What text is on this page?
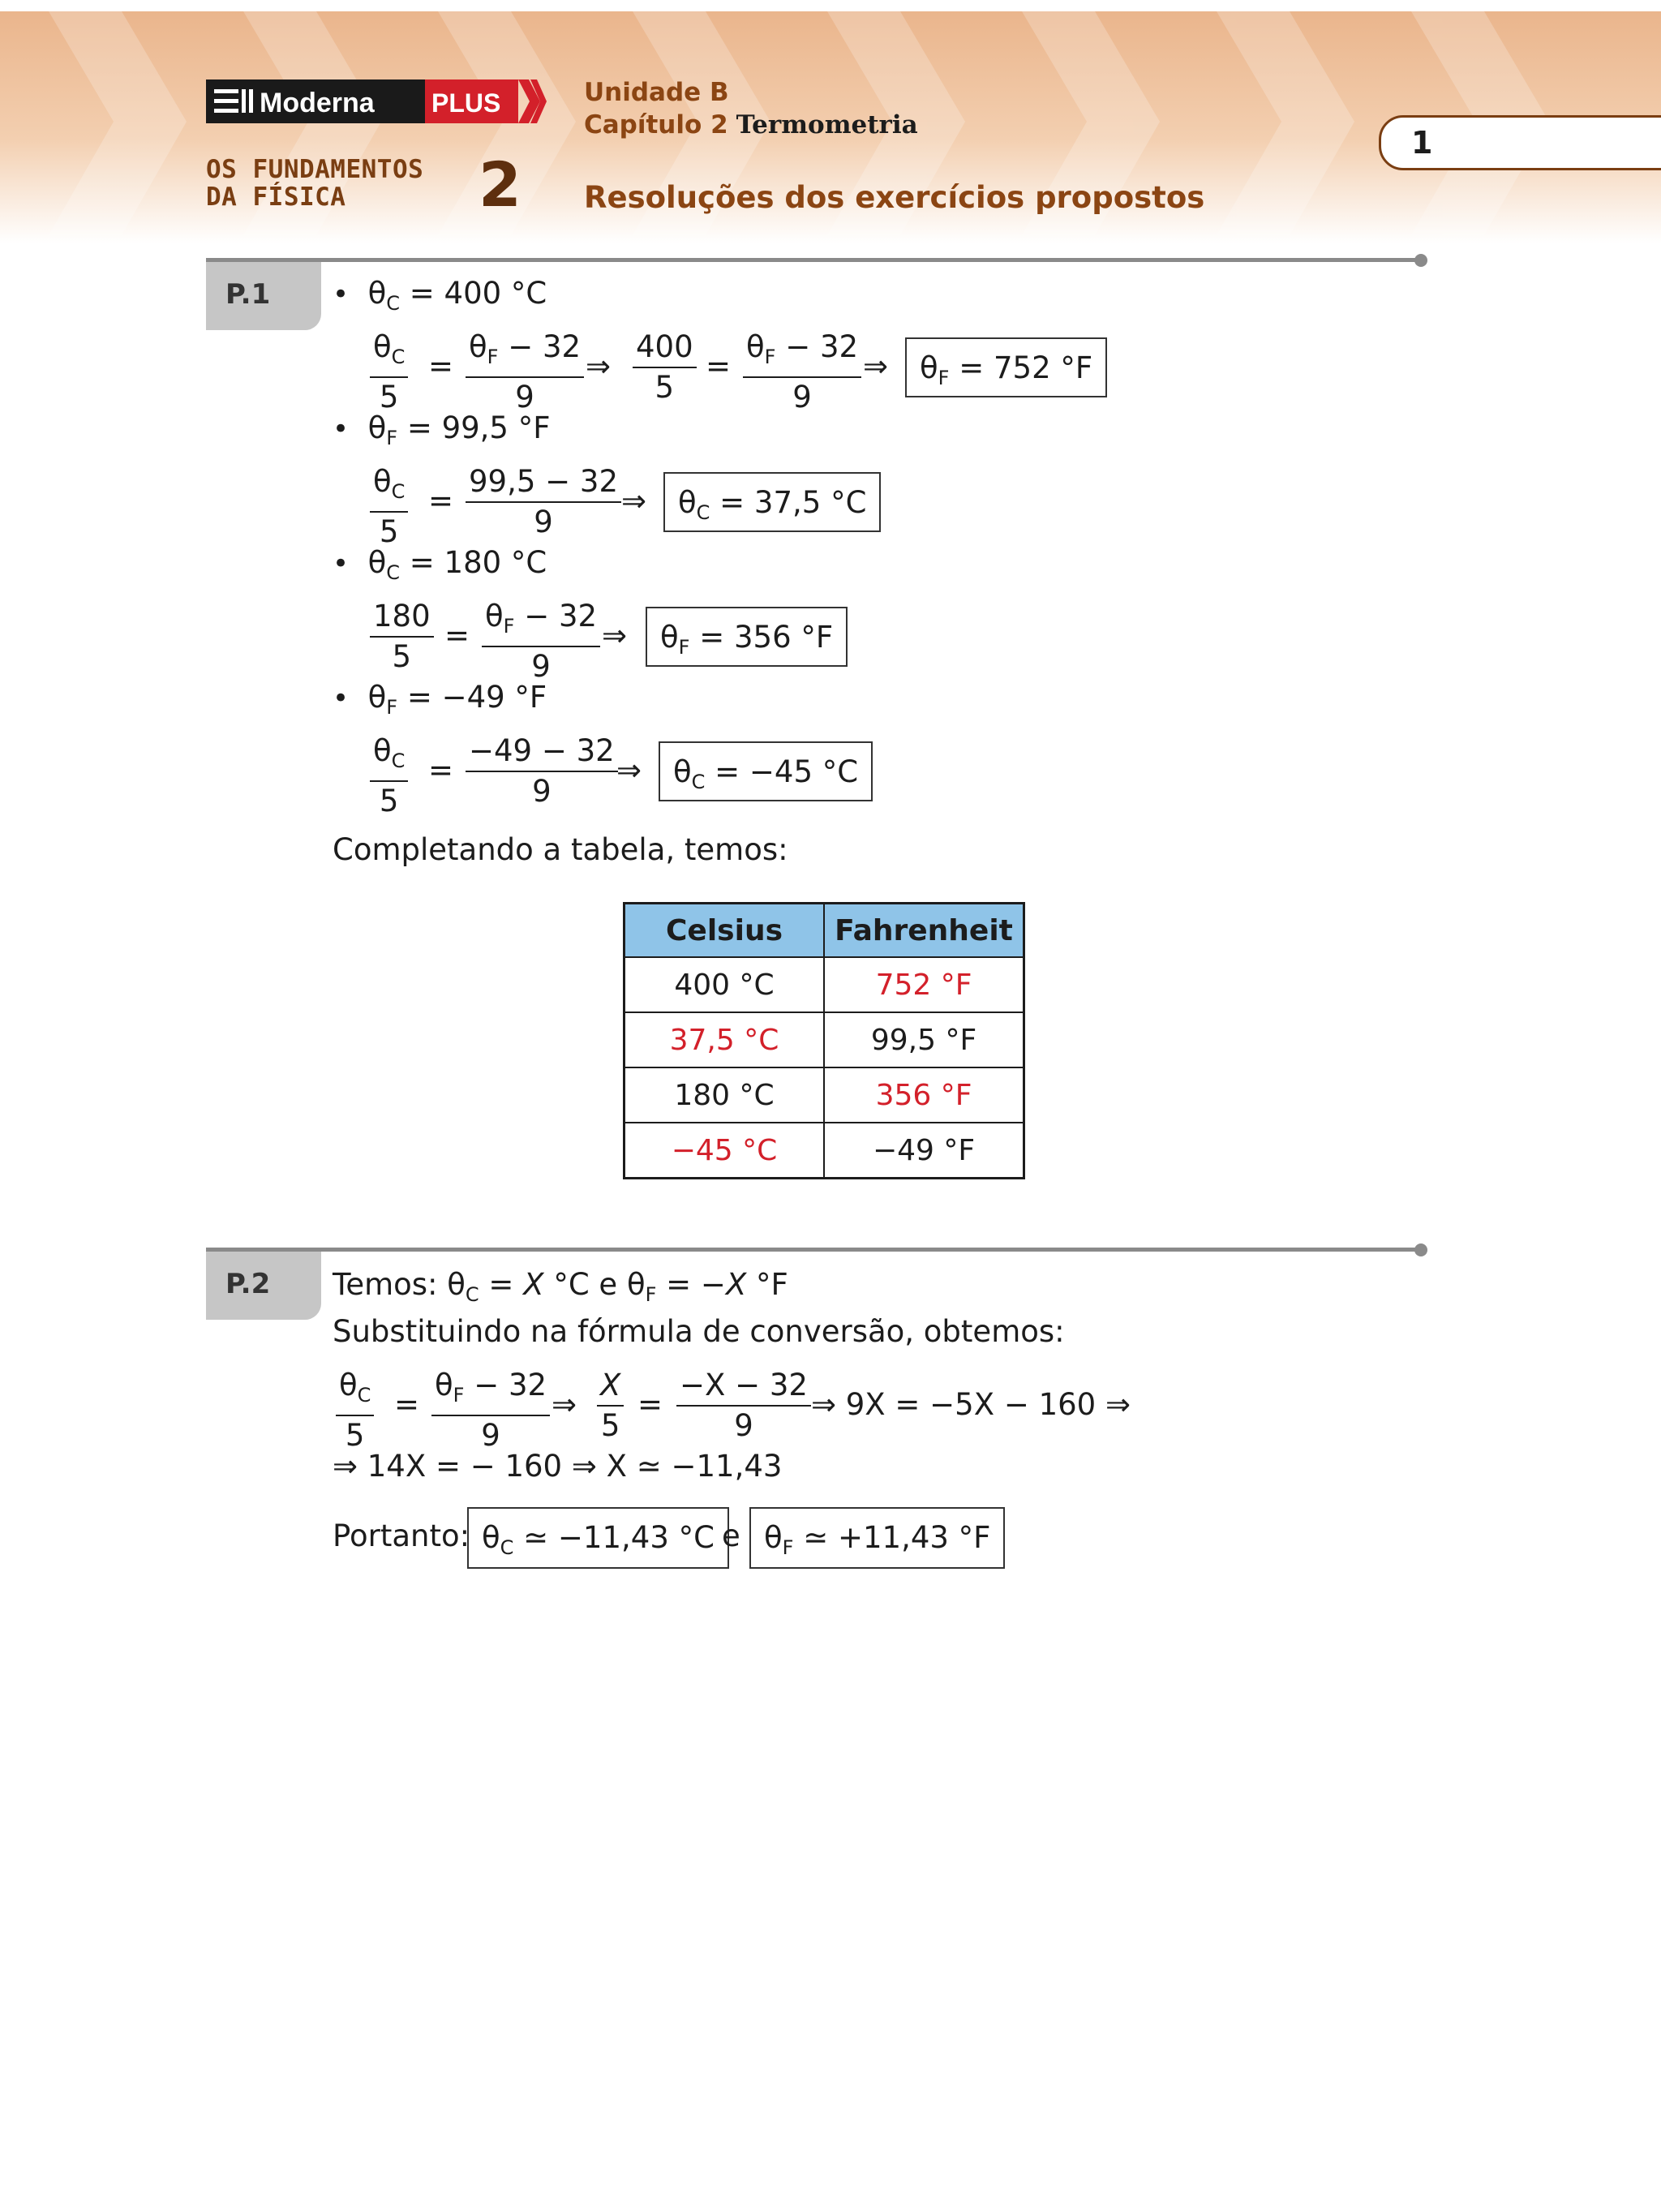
Moderna PLUS
OS FUNDAMENTOS
DA FÍSICA	2
Unidade B
Capítulo 2 Termometria
Resoluções dos exercícios propostos
1
P.1 • $\theta_C = 400$ °C
$\frac{\theta_C}{5} = \frac{\theta_F - 32}{9}$ ⇒ $\frac{400}{5} = \frac{\theta_F - 32}{9}$ ⇒	$\theta_F = 752$ °F
• $\theta_F = 99,5$ °F
$\frac{\theta_C}{5} = \frac{99,5 - 32}{9}$ ⇒	$\theta_C = 37,5$ °C
• $\theta_C = 180$ °C
$\frac{180}{5} = \frac{\theta_F - 32}{9}$ ⇒	$\theta_F = 356$ °F
• $\theta_F = -49$ °F
$\frac{\theta_C}{5} = \frac{-49 - 32}{9}$
⇒	$\theta_C = -45$ °C
Completando a tabela, temos:
Celsius	Fahrenheit
400 °C	752 °F
37,5 °C	99,5 °F
180 °C	356 °F
−45 °C	−49 °F
P.2 Temos: $\theta_C = X$ °C e $\theta_F = -X$ °F
Substituindo na fórmula de conversão, obtemos:
$\frac{\theta_C}{5} = \frac{\theta_F - 32}{9}$ ⇒ $\frac{X}{5} = \frac{-X - 32}{9}$ ⇒ 9X = −5X − 160 ⇒
⇒ 14X = − 160 ⇒ X ≃ −11,43
Portanto: $\theta_C$ ≃ −11,43 °C e $\theta_F$ ≃ +11,43 °F
